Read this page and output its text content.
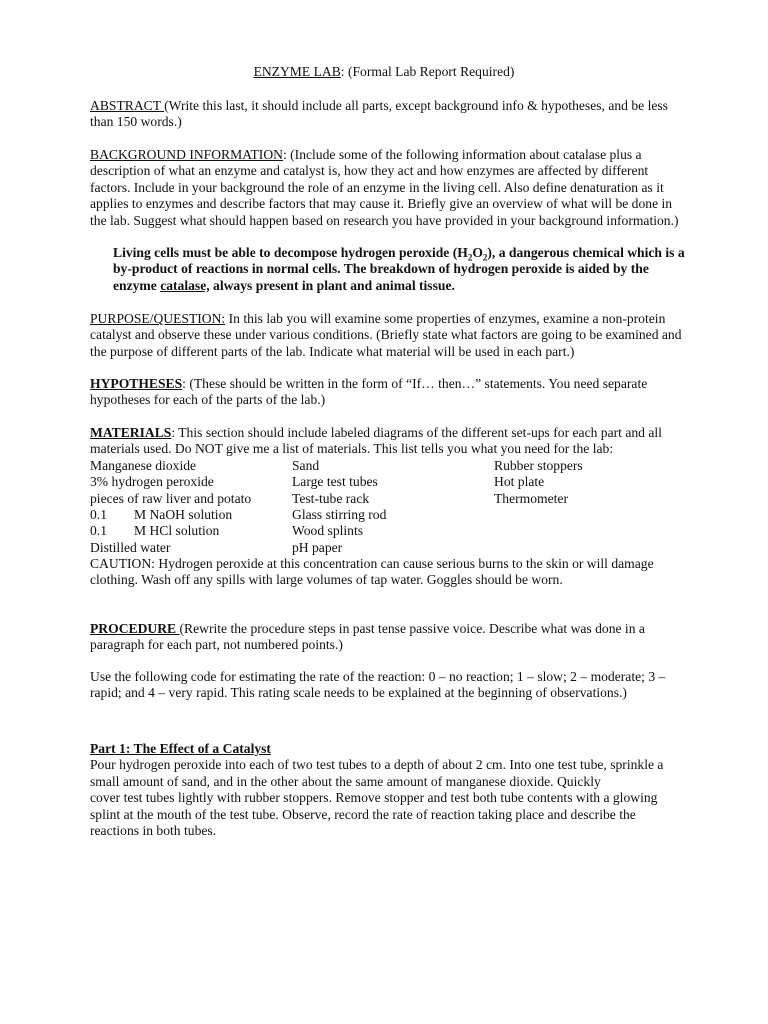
ENZYME LAB: (Formal Lab Report Required)
ABSTRACT (Write this last, it should include all parts, except background info & hypotheses, and be less
than 150 words.)
BACKGROUND INFORMATION: (Include some of the following information about catalase plus a
description of what an enzyme and catalyst is, how they act and how enzymes are affected by different
factors. Include in your background the role of an enzyme in the living cell. Also define denaturation as it
applies to enzymes and describe factors that may cause it. Briefly give an overview of what will be done in
the lab. Suggest what should happen based on research you have provided in your background information.)
Living cells must be able to decompose hydrogen peroxide $(H_2O_2)$, a dangerous chemical which is a
by-product of reactions in normal cells. The breakdown of hydrogen peroxide is aided by the
enzyme catalase, always present in plant and animal tissue.
PURPOSE/QUESTION: In this lab you will examine some properties of enzymes, examine a non-protein
catalyst and observe these under various conditions. (Briefly state what factors are going to be examined and
the purpose of different parts of the lab. Indicate what material will be used in each part.)
HYPOTHESES: (These should be written in the form of “If… then…” statements. You need separate
hypotheses for each of the parts of the lab.)
MATERIALS: This section should include labeled diagrams of the different set-ups for each part and all
materials used. Do NOT give me a list of materials. This list tells you what you need for the lab:
Manganese dioxide
3% hydrogen peroxide
pieces of raw liver and potato
0.1 M NaOH solution
0.1 M HCl solution
Distilled water
Sand
Large test tubes
Test-tube rack
Glass stirring rod
Wood splints
pH paper
Rubber stoppers
Hot plate
Thermometer
CAUTION: Hydrogen peroxide at this concentration can cause serious burns to the skin or will damage
clothing. Wash off any spills with large volumes of tap water. Goggles should be worn.
PROCEDURE (Rewrite the procedure steps in past tense passive voice. Describe what was done in a
paragraph for each part, not numbered points.)
Use the following code for estimating the rate of the reaction: 0 – no reaction; 1 – slow; 2 – moderate; 3 –
rapid; and 4 – very rapid. This rating scale needs to be explained at the beginning of observations.)
Part 1: The Effect of a Catalyst
Pour hydrogen peroxide into each of two test tubes to a depth of about 2 cm. Into one test tube, sprinkle a
small amount of sand, and in the other about the same amount of manganese dioxide. Quickly
cover test tubes lightly with rubber stoppers. Remove stopper and test both tube contents with a glowing
splint at the mouth of the test tube. Observe, record the rate of reaction taking place and describe the
reactions in both tubes.
